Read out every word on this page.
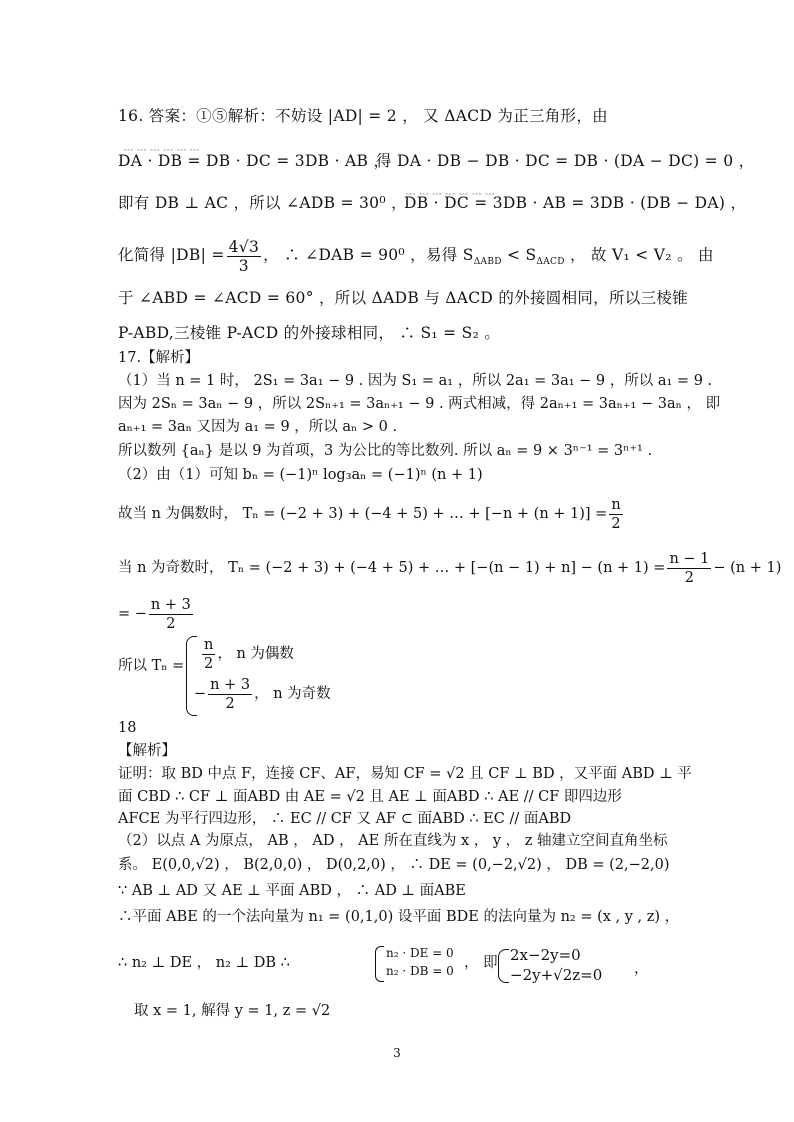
ꞈꞈꞈ ꞈꞈꞈ ꞈꞈꞈ ꞈꞈꞈ ꞈꞈꞈ ꞈꞈꞈ
16. 答案：①⑤解析：不妨设 |AD| = 2 ， 又 ΔACD 为正三角形，由
DA · DB = DB · DC = 3DB · AB ，
得 DA · DB − DB · DC = DB · (DA − DC) = 0 ，
ꞈꞈꞈ ꞈꞈꞈ ꞈꞈꞈ ꞈꞈꞈ ꞈꞈꞈ ꞈꞈꞈ ꞈꞈꞈ
即有 DB ⊥ AC ，所以 ∠ADB = 30⁰ ，
DB · DC = 3DB · AB = 3DB · (DB − DA) ，
化简得 $|DB| = \frac{4√3}{3}$ ， ∴ ∠DAB = 90⁰ ，易得 $S_{\Delta ABD} < S_{\Delta ACD}$ ， 故 V₁ < V₂ 。 由
于 ∠ABD = ∠ACD = 60° ，所以 ΔADB 与 ΔACD 的外接圆相同，所以三棱锥
P-ABD,三棱锥 P-ACD 的外接球相同， ∴ S₁ = S₂ 。
17.【解析】
（1）当 n = 1 时， 2S₁ = 3a₁ − 9 . 因为 S₁ = a₁ ，所以 2a₁ = 3a₁ − 9 ，所以 a₁ = 9 .
因为 2Sₙ = 3aₙ − 9 ，所以 2Sₙ₊₁ = 3aₙ₊₁ − 9 . 两式相减，得 2aₙ₊₁ = 3aₙ₊₁ − 3aₙ ， 即
aₙ₊₁ = 3aₙ 又因为 a₁ = 9 ，所以 aₙ > 0 .
所以数列 {aₙ} 是以 9 为首项，3 为公比的等比数列. 所以 aₙ = 9 × 3ⁿ⁻¹ = 3ⁿ⁺¹ .
（2）由（1）可知 bₙ = (−1)ⁿ log₃aₙ = (−1)ⁿ (n + 1)
故当 n 为偶数时， Tₙ = (−2 + 3) + (−4 + 5) + … + $[-n + (n + 1)] = \frac{n}{2}$
当 n 为奇数时， Tₙ = (−2 + 3) + (−4 + 5) + … + $[-(n - 1) + n] - (n + 1) = \frac{n - 1}{2} - (n + 1)$
= − $\frac{n + 3}{2}$
所以 $T_n = \frac{n}{2}$ ， n 为偶数
− $\frac{n + 3}{2}$ ， n 为奇数
18
【解析】
证明：取 BD 中点 F，连接 CF、AF，易知 CF = √2 且 CF ⊥ BD ，又平面 ABD ⊥ 平
面 CBD ∴ CF ⊥ 面ABD 由 AE = √2 且 AE ⊥ 面ABD ∴ AE // CF 即四边形
AFCE 为平行四边形， ∴ EC // CF 又 AF ⊂ 面ABD ∴ EC // 面ABD
（2）以点 A 为原点， AB ， AD ， AE 所在直线为 x ， y ， z 轴建立空间直角坐标
系。 E(0,0,√2) ， B(2,0,0) ， D(0,2,0) ， ∴ DE = (0,−2,√2) ， DB = (2,−2,0)
∵ AB ⊥ AD 又 AE ⊥ 平面 ABD ， ∴ AD ⊥ 面ABE
∴平面 ABE 的一个法向量为 n₁ = (0,1,0) 设平面 BDE 的法向量为 n₂ = (x , y , z) ，
∴ n₂ ⊥ DE ， n₂ ⊥ DB ∴
n₂ · DE = 0
n₂ · DB = 0 ， 即 2x−2y=0
−2y+√2z=0	，
取 x = 1, 解得 y = 1, z = √2
3
